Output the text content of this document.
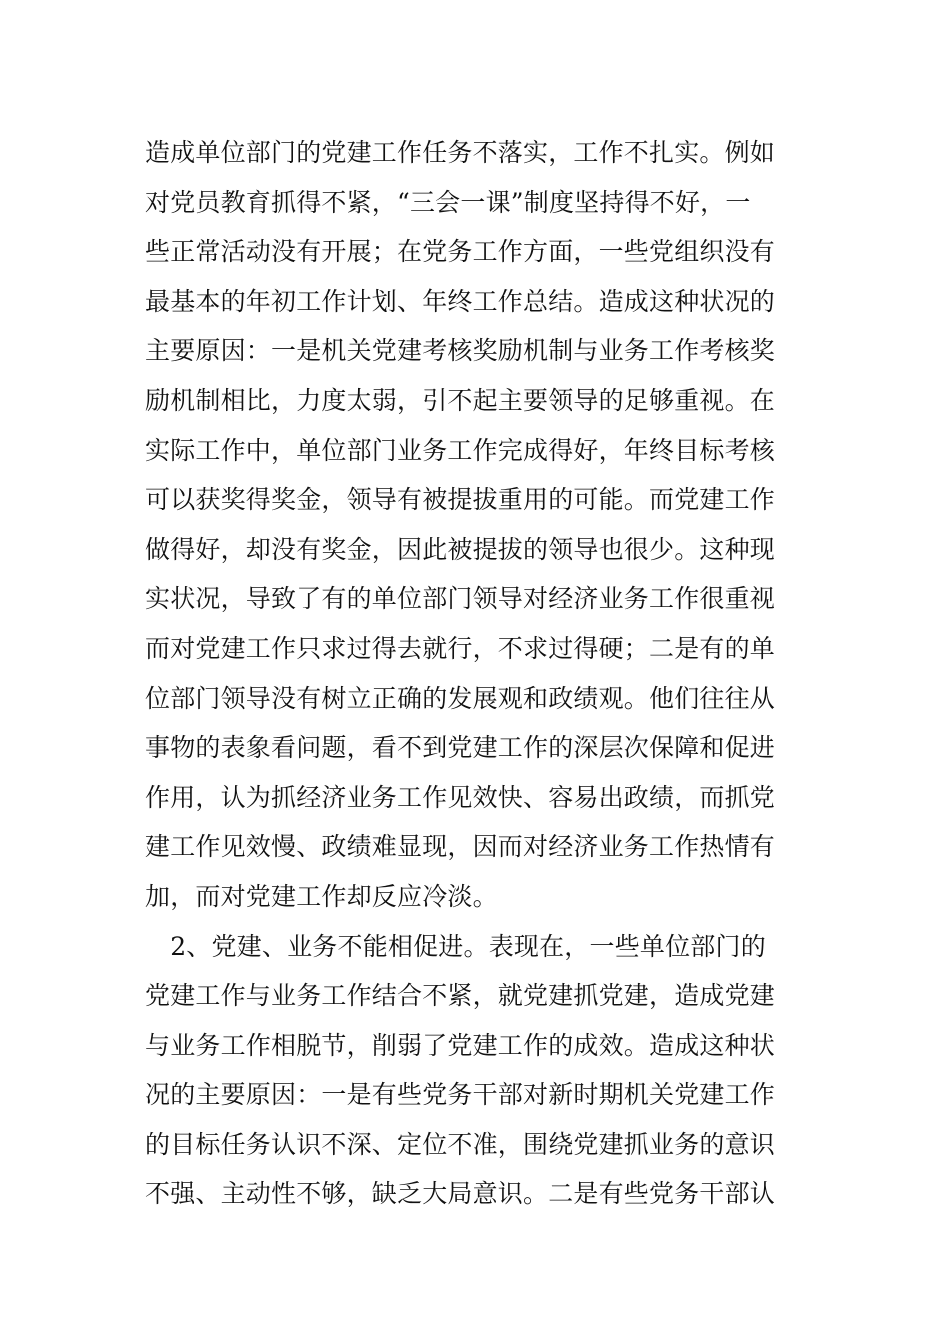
造成单位部门的党建工作任务不落实，工作不扎实。例如
对党员教育抓得不紧，“三会一课”制度坚持得不好，一
些正常活动没有开展；在党务工作方面，一些党组织没有
最基本的年初工作计划、年终工作总结。造成这种状况的
主要原因：一是机关党建考核奖励机制与业务工作考核奖
励机制相比，力度太弱，引不起主要领导的足够重视。在
实际工作中，单位部门业务工作完成得好，年终目标考核
可以获奖得奖金，领导有被提拔重用的可能。而党建工作
做得好，却没有奖金，因此被提拔的领导也很少。这种现
实状况，导致了有的单位部门领导对经济业务工作很重视
而对党建工作只求过得去就行，不求过得硬；二是有的单
位部门领导没有树立正确的发展观和政绩观。他们往往从
事物的表象看问题，看不到党建工作的深层次保障和促进
作用，认为抓经济业务工作见效快、容易出政绩，而抓党
建工作见效慢、政绩难显现，因而对经济业务工作热情有
加，而对党建工作却反应冷淡。
　2、党建、业务不能相促进。表现在，一些单位部门的
党建工作与业务工作结合不紧，就党建抓党建，造成党建
与业务工作相脱节，削弱了党建工作的成效。造成这种状
况的主要原因：一是有些党务干部对新时期机关党建工作
的目标任务认识不深、定位不准，围绕党建抓业务的意识
不强、主动性不够，缺乏大局意识。二是有些党务干部认
